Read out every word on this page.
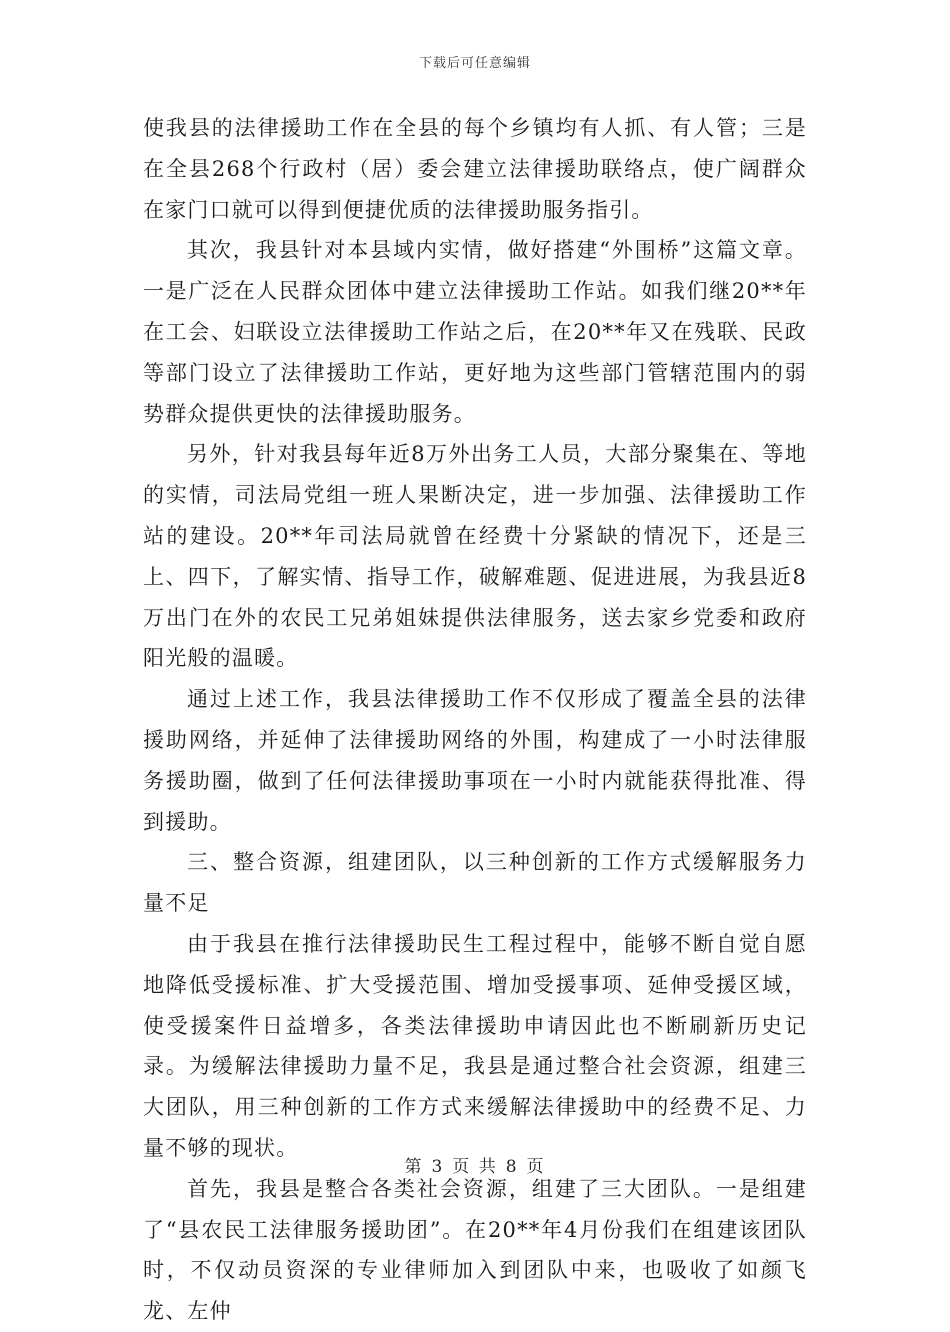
下载后可任意编辑

使我县的法律援助工作在全县的每个乡镇均有人抓、有人管；三是在全县268个行政村（居）委会建立法律援助联络点，使广阔群众在家门口就可以得到便捷优质的法律援助服务指引。

其次，我县针对本县域内实情，做好搭建“外围桥”这篇文章。一是广泛在人民群众团体中建立法律援助工作站。如我们继20**年在工会、妇联设立法律援助工作站之后，在20**年又在残联、民政等部门设立了法律援助工作站，更好地为这些部门管辖范围内的弱势群众提供更快的法律援助服务。

另外，针对我县每年近8万外出务工人员，大部分聚集在、等地的实情，司法局党组一班人果断决定，进一步加强、法律援助工作站的建设。20**年司法局就曾在经费十分紧缺的情况下，还是三上、四下，了解实情、指导工作，破解难题、促进进展，为我县近8万出门在外的农民工兄弟姐妹提供法律服务，送去家乡党委和政府阳光般的温暖。

通过上述工作，我县法律援助工作不仅形成了覆盖全县的法律援助网络，并延伸了法律援助网络的外围，构建成了一小时法律服务援助圈，做到了任何法律援助事项在一小时内就能获得批准、得到援助。

三、整合资源，组建团队，以三种创新的工作方式缓解服务力量不足

由于我县在推行法律援助民生工程过程中，能够不断自觉自愿地降低受援标准、扩大受援范围、增加受援事项、延伸受援区域，使受援案件日益增多，各类法律援助申请因此也不断刷新历史记录。为缓解法律援助力量不足，我县是通过整合社会资源，组建三大团队，用三种创新的工作方式来缓解法律援助中的经费不足、力量不够的现状。

首先，我县是整合各类社会资源，组建了三大团队。一是组建了“县农民工法律服务援助团”。在20**年4月份我们在组建该团队时，不仅动员资深的专业律师加入到团队中来，也吸收了如颜飞龙、左仲

第 3 页 共 8 页
